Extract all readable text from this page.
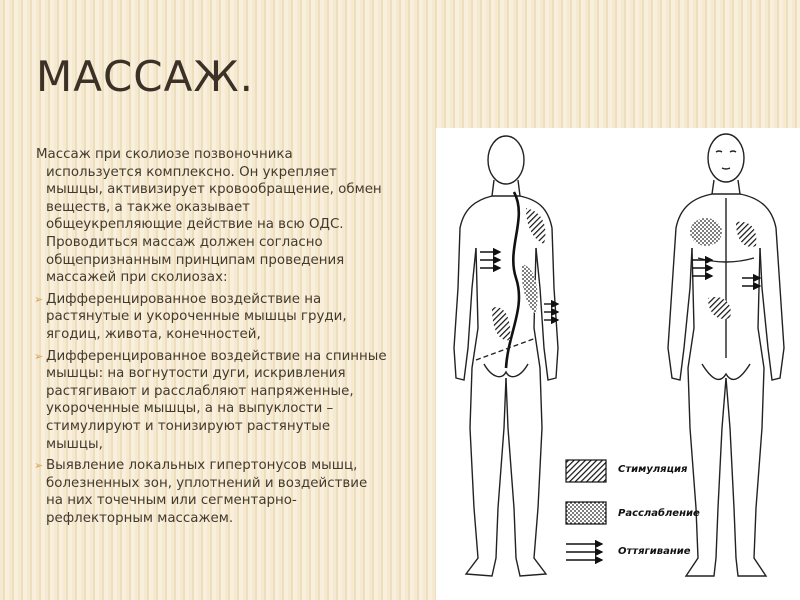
МАССАЖ.

Массаж при сколиозе позвоночника используется комплексно. Он укрепляет мышцы, активизирует кровообращение, обмен веществ, а также оказывает общеукрепляющие действие на всю ОДС. Проводиться массаж должен согласно общепризнанным принципам проведения массажей при сколиозах:

➢ Дифференцированное воздействие на растянутые и укороченные мышцы груди, ягодиц, живота, конечностей,
➢ Дифференцированное воздействие на спинные мышцы: на вогнутости дуги, искривления растягивают и расслабляют напряженные, укороченные мышцы, а на выпуклости – стимулируют и тонизируют растянутые мышцы,
➢ Выявление локальных гипертонусов мышц, болезненных зон, уплотнений и воздействие на них точечным или сегментарно-рефлекторным массажем.
Стимуляция
Расслабление
Оттягивание
